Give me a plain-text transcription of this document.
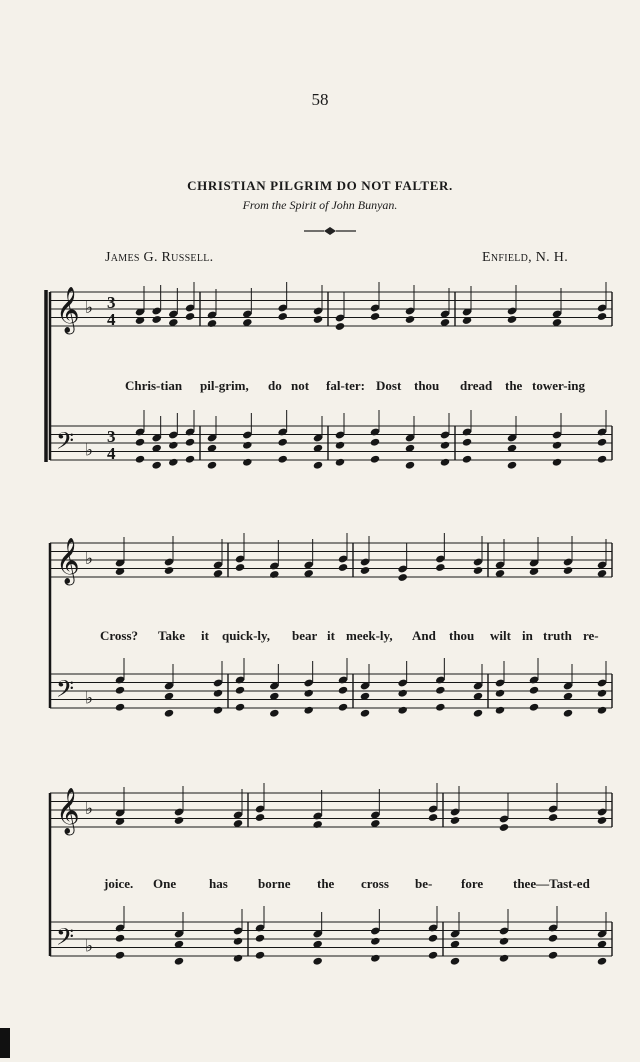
58
CHRISTIAN PILGRIM DO NOT FALTER.
From the Spirit of John Bunyan.
James G. Russell.	Enfield, N. H.
𝄞 ♭ 3
4
𝄢 ♭
3
4
𝄞 ♭
𝄢 ♭
𝄞 ♭
𝄢 ♭
Chris-tian pil-grim, do not fal-ter: Dost thou dread the tower-ing
Cross? Take it quick-ly, bear it meek-ly, And thou wilt in truth re-
joice. One	has borne the cross be- fore thee—Tast-ed
